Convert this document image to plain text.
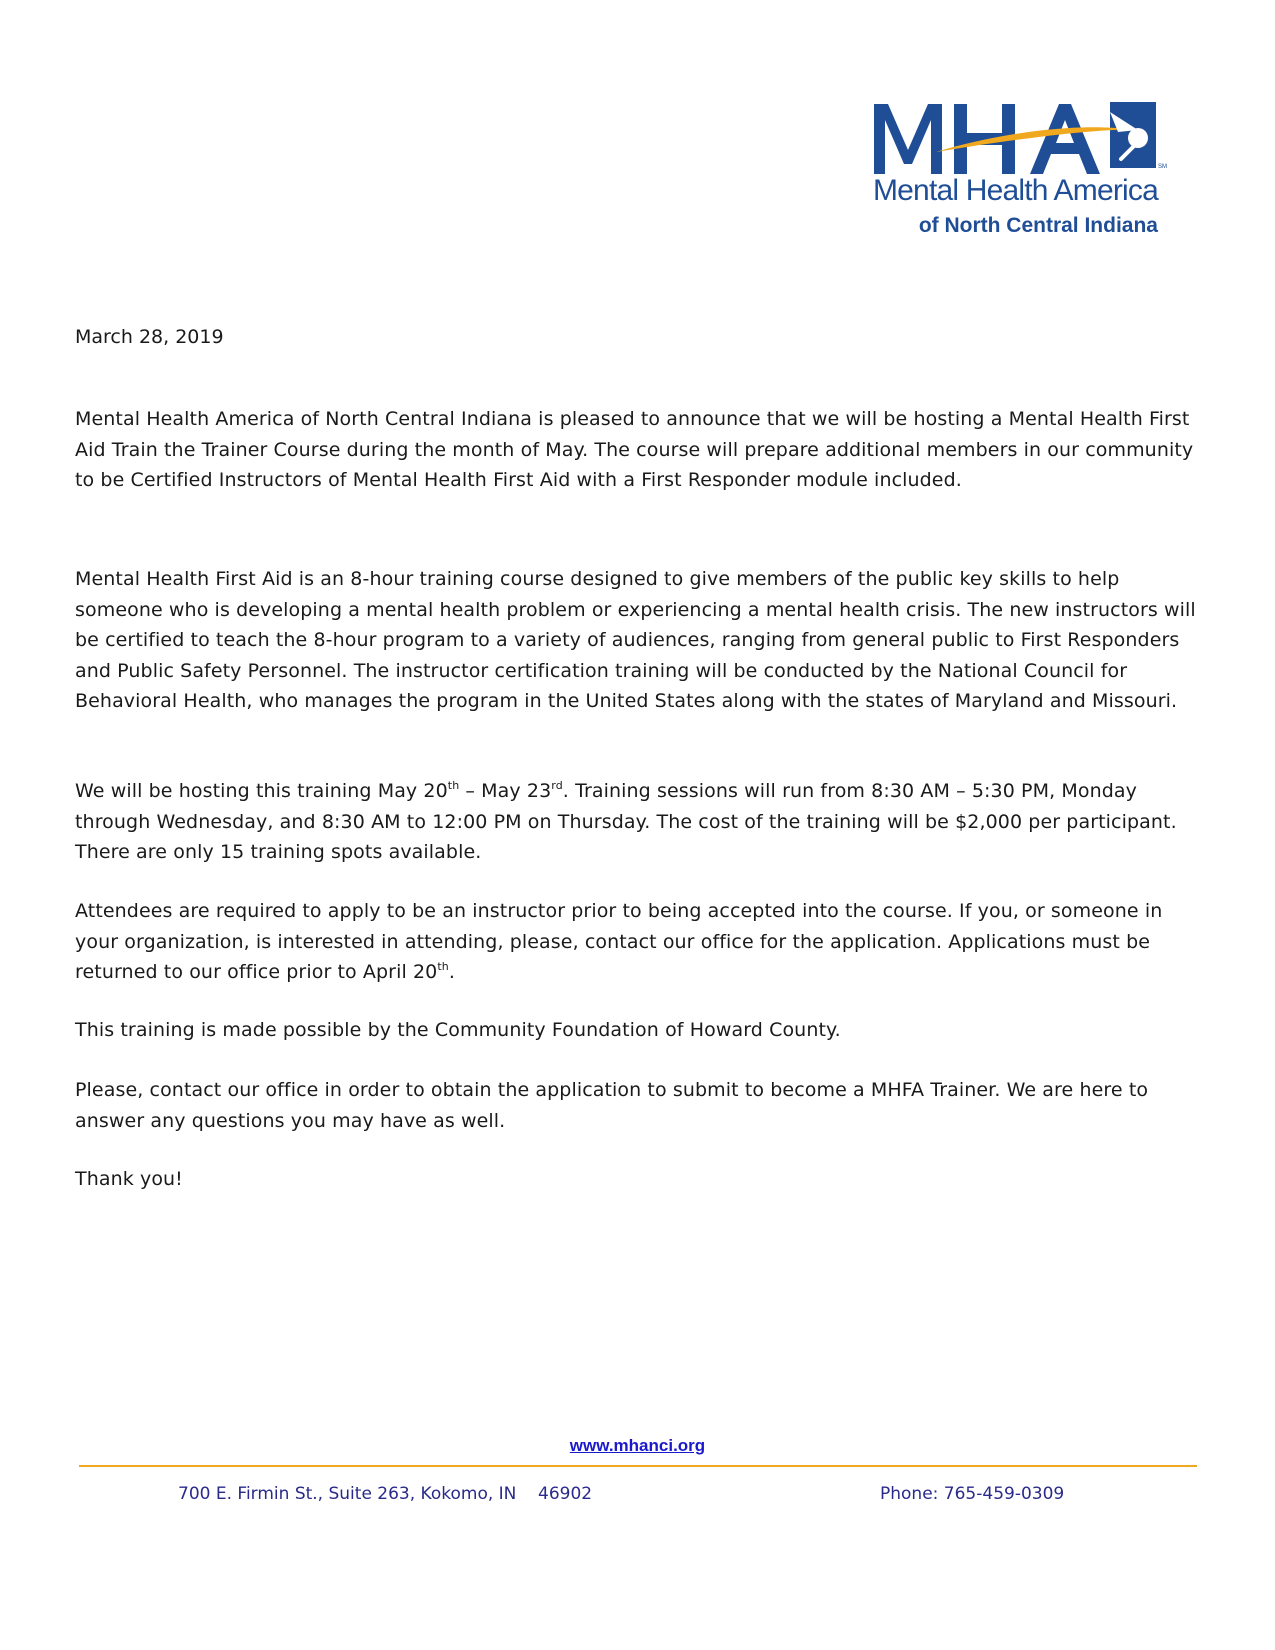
SM
Mental Health America
of North Central Indiana
March 28, 2019

Mental Health America of North Central Indiana is pleased to announce that we will be hosting a Mental Health First Aid Train the Trainer Course during the month of May. The course will prepare additional members in our community to be Certified Instructors of Mental Health First Aid with a First Responder module included.

Mental Health First Aid is an 8-hour training course designed to give members of the public key skills to help someone who is developing a mental health problem or experiencing a mental health crisis. The new instructors will be certified to teach the 8-hour program to a variety of audiences, ranging from general public to First Responders and Public Safety Personnel. The instructor certification training will be conducted by the National Council for Behavioral Health, who manages the program in the United States along with the states of Maryland and Missouri.

We will be hosting this training May 20th – May 23rd. Training sessions will run from 8:30 AM – 5:30 PM, Monday through Wednesday, and 8:30 AM to 12:00 PM on Thursday. The cost of the training will be $2,000 per participant. There are only 15 training spots available.

Attendees are required to apply to be an instructor prior to being accepted into the course. If you, or someone in your organization, is interested in attending, please, contact our office for the application. Applications must be returned to our office prior to April 20th.

This training is made possible by the Community Foundation of Howard County.

Please, contact our office in order to obtain the application to submit to become a MHFA Trainer. We are here to answer any questions you may have as well.

Thank you!

www.mhanci.org
700 E. Firmin St., Suite 263, Kokomo, IN    46902	Phone: 765-459-0309
